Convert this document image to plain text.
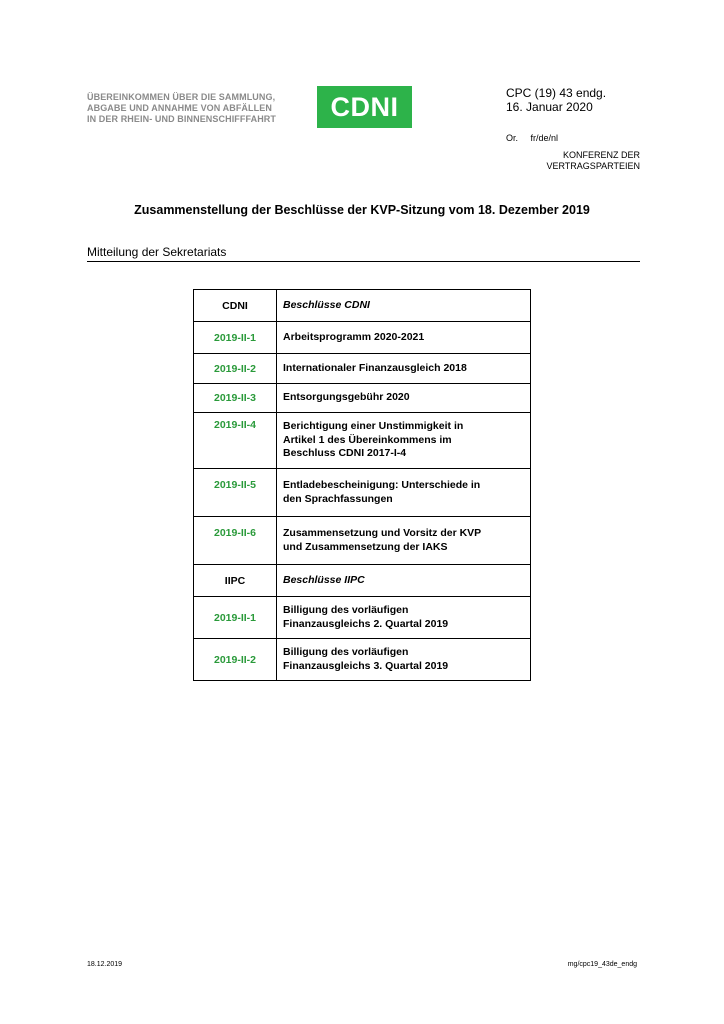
ÜBEREINKOMMEN ÜBER DIE SAMMLUNG,
ABGABE UND ANNAHME VON ABFÄLLEN
IN DER RHEIN- UND BINNENSCHIFFFAHRT	CDNI	CPC (19) 43 endg.
16. Januar 2020
Or. fr/de/nl
KONFERENZ DER
VERTRAGSPARTEIEN
Zusammenstellung der Beschlüsse der KVP-Sitzung vom 18. Dezember 2019
Mitteilung der Sekretariats
CDNI	Beschlüsse CDNI
2019-II-1	Arbeitsprogramm 2020-2021
2019-II-2	Internationaler Finanzausgleich 2018
2019-II-3	Entsorgungsgebühr 2020
2019-II-4	Berichtigung einer Unstimmigkeit in
Artikel 1 des Übereinkommens im
Beschluss CDNI 2017-I-4

2019-II-5	Entladebescheinigung: Unterschiede in
den Sprachfassungen

2019-II-6	Zusammensetzung und Vorsitz der KVP
und Zusammensetzung der IAKS

IIPC	Beschlüsse IIPC
2019-II-1	Billigung des vorläufigen
Finanzausgleichs 2. Quartal 2019

2019-II-2	Billigung des vorläufigen
Finanzausgleichs 3. Quartal 2019
18.12.2019	mg/cpc19_43de_endg
